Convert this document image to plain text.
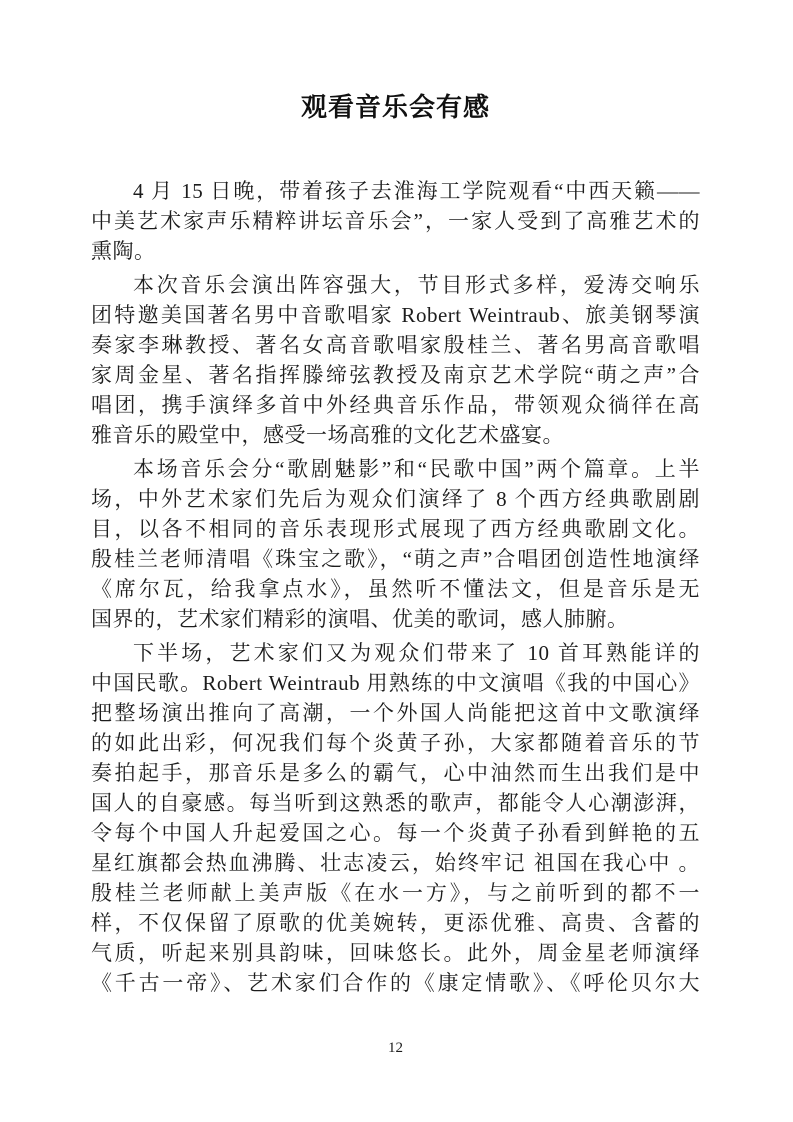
观看音乐会有感

4 月 15 日晚，带着孩子去淮海工学院观看“中西天籁——
中美艺术家声乐精粹讲坛音乐会”，一家人受到了高雅艺术的
熏陶。

本次音乐会演出阵容强大，节目形式多样，爱涛交响乐
团特邀美国著名男中音歌唱家 Robert Weintraub、旅美钢琴演
奏家李琳教授、著名女高音歌唱家殷桂兰、著名男高音歌唱
家周金星、著名指挥滕缔弦教授及南京艺术学院“萌之声”合
唱团，携手演绎多首中外经典音乐作品，带领观众徜徉在高
雅音乐的殿堂中，感受一场高雅的文化艺术盛宴。

本场音乐会分“歌剧魅影”和“民歌中国”两个篇章。上半
场，中外艺术家们先后为观众们演绎了 8 个西方经典歌剧剧
目，以各不相同的音乐表现形式展现了西方经典歌剧文化。
殷桂兰老师清唱《珠宝之歌》，“萌之声”合唱团创造性地演绎
《席尔瓦，给我拿点水》，虽然听不懂法文，但是音乐是无
国界的，艺术家们精彩的演唱、优美的歌词，感人肺腑。

下半场，艺术家们又为观众们带来了 10 首耳熟能详的
中国民歌。Robert Weintraub 用熟练的中文演唱《我的中国心》
把整场演出推向了高潮，一个外国人尚能把这首中文歌演绎
的如此出彩，何况我们每个炎黄子孙，大家都随着音乐的节
奏拍起手，那音乐是多么的霸气，心中油然而生出我们是中
国人的自豪感。每当听到这熟悉的歌声，都能令人心潮澎湃，
令每个中国人升起爱国之心。每一个炎黄子孙看到鲜艳的五
星红旗都会热血沸腾、壮志凌云，始终牢记 祖国在我心中 。
殷桂兰老师献上美声版《在水一方》，与之前听到的都不一
样，不仅保留了原歌的优美婉转，更添优雅、高贵、含蓄的
气质，听起来别具韵味，回味悠长。此外，周金星老师演绎
《千古一帝》、艺术家们合作的《康定情歌》、《呼伦贝尔大

12
